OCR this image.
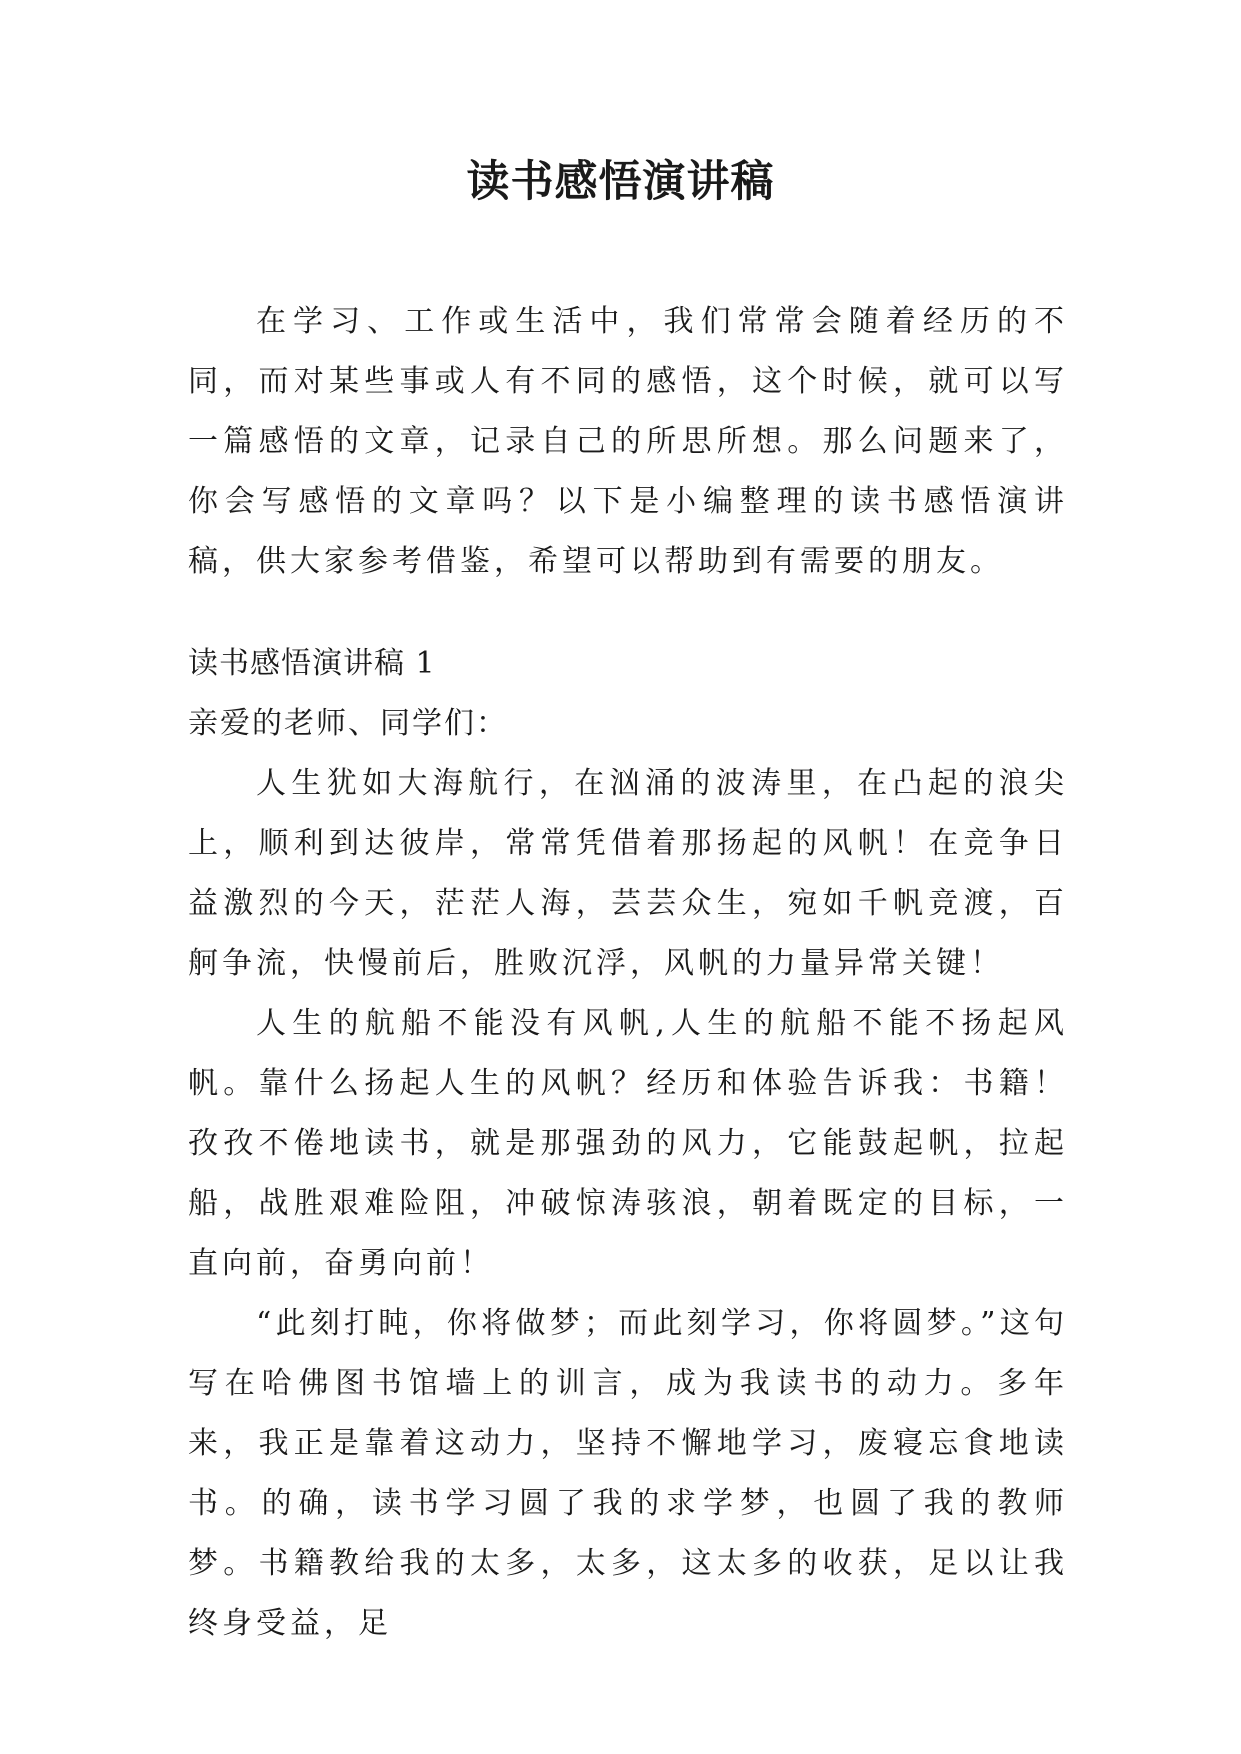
读书感悟演讲稿

在学习、工作或生活中，我们常常会随着经历的不同，而对某些事或人有不同的感悟，这个时候，就可以写一篇感悟的文章，记录自己的所思所想。那么问题来了，你会写感悟的文章吗？以下是小编整理的读书感悟演讲稿，供大家参考借鉴，希望可以帮助到有需要的朋友。

读书感悟演讲稿 1

亲爱的老师、同学们：

人生犹如大海航行，在汹涌的波涛里，在凸起的浪尖上，顺利到达彼岸，常常凭借着那扬起的风帆！在竞争日益激烈的今天，茫茫人海，芸芸众生，宛如千帆竞渡，百舸争流，快慢前后，胜败沉浮，风帆的力量异常关键！

人生的航船不能没有风帆,人生的航船不能不扬起风帆。靠什么扬起人生的风帆？经历和体验告诉我：书籍！孜孜不倦地读书，就是那强劲的风力，它能鼓起帆，拉起船，战胜艰难险阻，冲破惊涛骇浪，朝着既定的目标，一直向前，奋勇向前！

“此刻打盹，你将做梦；而此刻学习，你将圆梦。”这句写在哈佛图书馆墙上的训言，成为我读书的动力。多年来，我正是靠着这动力，坚持不懈地学习，废寝忘食地读书。的确，读书学习圆了我的求学梦，也圆了我的教师梦。书籍教给我的太多，太多，这太多的收获，足以让我终身受益，足
